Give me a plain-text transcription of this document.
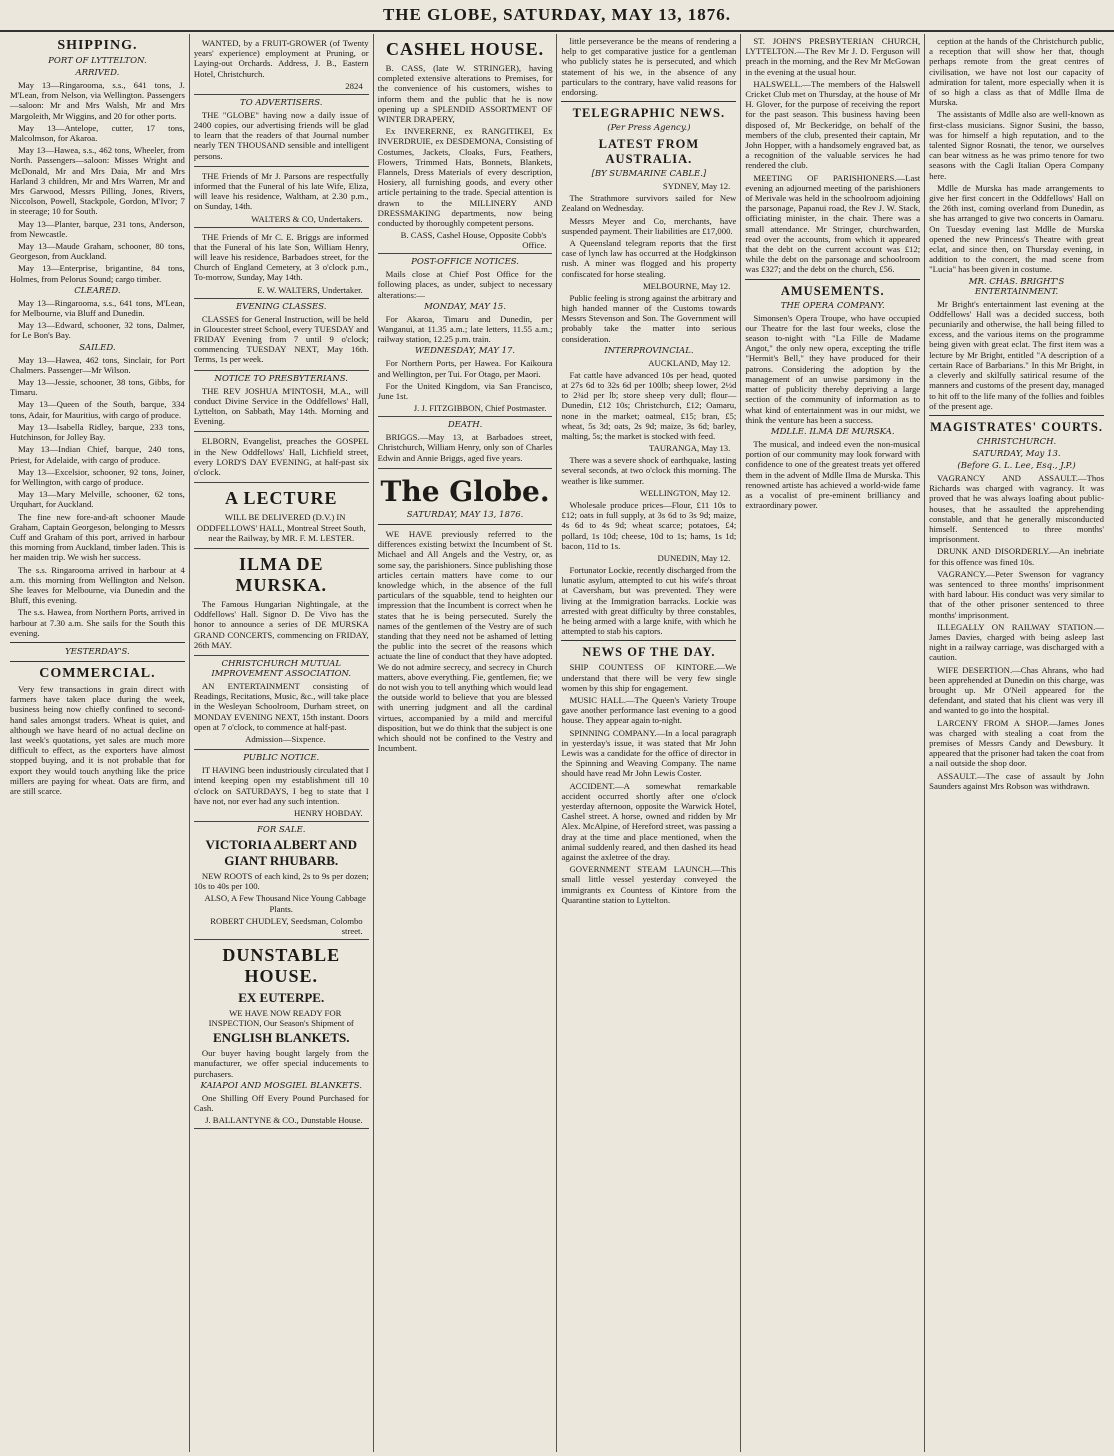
THE GLOBE, SATURDAY, MAY 13, 1876.
SHIPPING.
PORT OF LYTTELTON.
ARRIVED.

May 13—Ringarooma, s.s., 641 tons, J. M'Lean, from Nelson, via Wellington. Passengers—saloon: Mr and Mrs Walsh, Mr and Mrs Margoleith, Mr Wiggins, and 20 for other ports.

May 13—Antelope, cutter, 17 tons, Malcolmson, for Akaroa.

May 13—Hawea, s.s., 462 tons, Wheeler, from North. Passengers—saloon: Misses Wright and McDonald, Mr and Mrs Daia, Mr and Mrs Harland 3 children, Mr and Mrs Warren, Mr and Mrs Garwood, Messrs Pilling, Jones, Rivers, Niccolson, Powell, Stackpole, Gordon, M'Ivor; 7 in steerage; 10 for South.

May 13—Planter, barque, 231 tons, Anderson, from Newcastle.

May 13—Maude Graham, schooner, 80 tons, Georgeson, from Auckland.

May 13—Enterprise, brigantine, 84 tons, Holmes, from Pelorus Sound; cargo timber.

CLEARED.

May 13—Ringarooma, s.s., 641 tons, M'Lean, for Melbourne, via Bluff and Dunedin.

May 13—Edward, schooner, 32 tons, Dalmer, for Le Bon's Bay.

SAILED.

May 13—Hawea, 462 tons, Sinclair, for Port Chalmers. Passenger—Mr Wilson.

May 13—Jessie, schooner, 38 tons, Gibbs, for Timaru.

May 13—Queen of the South, barque, 334 tons, Adair, for Mauritius, with cargo of produce.

May 13—Isabella Ridley, barque, 233 tons, Hutchinson, for Jolley Bay.

May 13—Indian Chief, barque, 240 tons, Priest, for Adelaide, with cargo of produce.

May 13—Excelsior, schooner, 92 tons, Joiner, for Wellington, with cargo of produce.

May 13—Mary Melville, schooner, 62 tons, Urquhart, for Auckland.

The fine new fore-and-aft schooner Maude Graham, Captain Georgeson, belonging to Messrs Cuff and Graham of this port, arrived in harbour this morning from Auckland, timber laden. This is her maiden trip. We wish her success.

The s.s. Ringarooma arrived in harbour at 4 a.m. this morning from Wellington and Nelson. She leaves for Melbourne, via Dunedin and the Bluff, this evening.

The s.s. Hawea, from Northern Ports, arrived in harbour at 7.30 a.m. She sails for the South this evening.

YESTERDAY'S.
COMMERCIAL.

Very few transactions in grain direct with farmers have taken place during the week, business being now chiefly confined to second-hand sales amongst traders. Wheat is quiet, and although we have heard of no actual decline on last week's quotations, yet sales are much more difficult to effect, as the exporters have almost stopped buying, and it is not probable that for export they would touch anything like the price millers are paying for wheat. Oats are firm, and are still scarce.

WANTED, by a FRUIT-GROWER (of Twenty years' experience) employment at Pruning, or Laying-out Orchards. Address, J. B., Eastern Hotel, Christchurch.

2824
TO ADVERTISERS.

THE "GLOBE" having now a daily issue of 2400 copies, our advertising friends will be glad to learn that the readers of that Journal number nearly TEN THOUSAND sensible and intelligent persons.

THE Friends of Mr J. Parsons are respectfully informed that the Funeral of his late Wife, Eliza, will leave his residence, Waltham, at 2.30 p.m., on Sunday, 14th.

WALTERS & CO, Undertakers.

THE Friends of Mr C. E. Briggs are informed that the Funeral of his late Son, William Henry, will leave his residence, Barbadoes street, for the Church of England Cemetery, at 3 o'clock p.m., To-morrow, Sunday, May 14th.

E. W. WALTERS, Undertaker.
EVENING CLASSES.

CLASSES for General Instruction, will be held in Gloucester street School, every TUESDAY and FRIDAY Evening from 7 until 9 o'clock; commencing TUESDAY NEXT, May 16th. Terms, 1s per week.

NOTICE TO PRESBYTERIANS.

THE REV JOSHUA M'INTOSH, M.A., will conduct Divine Service in the Oddfellows' Hall, Lyttelton, on Sabbath, May 14th. Morning and Evening.

ELBORN, Evangelist, preaches the GOSPEL in the New Oddfellows' Hall, Lichfield street, every LORD'S DAY EVENING, at half-past six o'clock.

A LECTURE

WILL BE DELIVERED (D.V.) IN ODDFELLOWS' HALL, Montreal Street South, near the Railway, by MR. F. M. LESTER.

ILMA DE MURSKA.

The Famous Hungarian Nightingale, at the Oddfellows' Hall. Signor D. De Vivo has the honor to announce a series of DE MURSKA GRAND CONCERTS, commencing on FRIDAY, 26th MAY.

CHRISTCHURCH MUTUAL IMPROVEMENT ASSOCIATION.

AN ENTERTAINMENT consisting of Readings, Recitations, Music, &c., will take place in the Wesleyan Schoolroom, Durham street, on MONDAY EVENING NEXT, 15th instant. Doors open at 7 o'clock, to commence at half-past.

Admission—Sixpence.
PUBLIC NOTICE.

IT HAVING been industriously circulated that I intend keeping open my establishment till 10 o'clock on SATURDAYS, I beg to state that I have not, nor ever had any such intention.

HENRY HOBDAY.
FOR SALE.
VICTORIA ALBERT AND GIANT RHUBARB.

NEW ROOTS of each kind, 2s to 9s per dozen; 10s to 40s per 100.

ALSO, A Few Thousand Nice Young Cabbage Plants.

ROBERT CHUDLEY, Seedsman, Colombo street.
DUNSTABLE HOUSE.
EX EUTERPE.

WE HAVE NOW READY FOR INSPECTION, Our Season's Shipment of

ENGLISH BLANKETS.

Our buyer having bought largely from the manufacturer, we offer special inducements to purchasers.

KAIAPOI AND MOSGIEL BLANKETS.

One Shilling Off Every Pound Purchased for Cash.

J. BALLANTYNE & CO., Dunstable House.
CASHEL HOUSE.

B. CASS, (late W. STRINGER), having completed extensive alterations to Premises, for the convenience of his customers, wishes to inform them and the public that he is now opening up a SPLENDID ASSORTMENT OF WINTER DRAPERY,

Ex INVERERNE, ex RANGITIKEI, Ex INVERDRUIE, ex DESDEMONA, Consisting of Costumes, Jackets, Cloaks, Furs, Feathers, Flowers, Trimmed Hats, Bonnets, Blankets, Flannels, Dress Materials of every description, Hosiery, all furnishing goods, and every other article pertaining to the trade. Special attention is drawn to the MILLINERY AND DRESSMAKING departments, now being conducted by thoroughly competent persons.

B. CASS, Cashel House, Opposite Cobb's Office.
POST-OFFICE NOTICES.

Mails close at Chief Post Office for the following places, as under, subject to necessary alterations:—

MONDAY, MAY 15.

For Akaroa, Timaru and Dunedin, per Wanganui, at 11.35 a.m.; late letters, 11.55 a.m.; railway station, 12.25 p.m. train.

WEDNESDAY, MAY 17.

For Northern Ports, per Hawea. For Kaikoura and Wellington, per Tui. For Otago, per Maori.

For the United Kingdom, via San Francisco, June 1st.

J. J. FITZGIBBON, Chief Postmaster.
DEATH.

BRIGGS.—May 13, at Barbadoes street, Christchurch, William Henry, only son of Charles Edwin and Annie Briggs, aged five years.

The Globe.
SATURDAY, MAY 13, 1876.

WE HAVE previously referred to the differences existing betwixt the Incumbent of St. Michael and All Angels and the Vestry, or, as some say, the parishioners. Since publishing those articles certain matters have come to our knowledge which, in the absence of the full particulars of the squabble, tend to heighten our impression that the Incumbent is correct when he states that he is being persecuted. Surely the names of the gentlemen of the Vestry are of such standing that they need not be ashamed of letting the public into the secret of the reasons which actuate the line of conduct that they have adopted. We do not admire secrecy, and secrecy in Church matters, above everything. Fie, gentlemen, fie; we do not wish you to tell anything which would lead the outside world to believe that you are blessed with unerring judgment and all the cardinal virtues, accompanied by a mild and merciful disposition, but we do think that the subject is one which should not be confined to the Vestry and Incumbent.

little perseverance be the means of rendering a help to get comparative justice for a gentleman who publicly states he is persecuted, and which statement of his we, in the absence of any particulars to the contrary, have valid reasons for endorsing.

TELEGRAPHIC NEWS.
(Per Press Agency.)
LATEST FROM AUSTRALIA.
[BY SUBMARINE CABLE.]
SYDNEY, May 12.

The Strathmore survivors sailed for New Zealand on Wednesday.

Messrs Meyer and Co, merchants, have suspended payment. Their liabilities are £17,000.

A Queensland telegram reports that the first case of lynch law has occurred at the Hodgkinson rush. A miner was flogged and his property confiscated for horse stealing.

MELBOURNE, May 12.

Public feeling is strong against the arbitrary and high handed manner of the Customs towards Messrs Stevenson and Son. The Government will probably take the matter into serious consideration.

INTERPROVINCIAL.
AUCKLAND, May 12.

Fat cattle have advanced 10s per head, quoted at 27s 6d to 32s 6d per 100lb; sheep lower, 2½d to 2¾d per lb; store sheep very dull; flour—Dunedin, £12 10s; Christchurch, £12; Oamaru, none in the market; oatmeal, £15; bran, £5; wheat, 5s 3d; oats, 2s 9d; maize, 3s 6d; barley, malting, 5s; the market is stocked with feed.

TAURANGA, May 13.

There was a severe shock of earthquake, lasting several seconds, at two o'clock this morning. The weather is like summer.

WELLINGTON, May 12.

Wholesale produce prices—Flour, £11 10s to £12; oats in full supply, at 3s 6d to 3s 9d; maize, 4s 6d to 4s 9d; wheat scarce; potatoes, £4; pollard, 1s 10d; cheese, 10d to 1s; hams, 1s 1d; bacon, 11d to 1s.

DUNEDIN, May 12.

Fortunator Lockie, recently discharged from the lunatic asylum, attempted to cut his wife's throat at Caversham, but was prevented. They were living at the Immigration barracks. Lockie was arrested with great difficulty by three constables, he being armed with a large knife, with which he attempted to stab his captors.

NEWS OF THE DAY.

SHIP COUNTESS OF KINTORE.—We understand that there will be very few single women by this ship for engagement.

MUSIC HALL.—The Queen's Variety Troupe gave another performance last evening to a good house. They appear again to-night.

SPINNING COMPANY.—In a local paragraph in yesterday's issue, it was stated that Mr John Lewis was a candidate for the office of director in the Spinning and Weaving Company. The name should have read Mr John Lewis Coster.

ACCIDENT.—A somewhat remarkable accident occurred shortly after one o'clock yesterday afternoon, opposite the Warwick Hotel, Cashel street. A horse, owned and ridden by Mr Alex. McAlpine, of Hereford street, was passing a dray at the time and place mentioned, when the animal suddenly reared, and then dashed its head against the axletree of the dray.

GOVERNMENT STEAM LAUNCH.—This small little vessel yesterday conveyed the immigrants ex Countess of Kintore from the Quarantine station to Lyttelton.

ST. JOHN'S PRESBYTERIAN CHURCH, LYTTELTON.—The Rev Mr J. D. Ferguson will preach in the morning, and the Rev Mr McGowan in the evening at the usual hour.

HALSWELL.—The members of the Halswell Cricket Club met on Thursday, at the house of Mr H. Glover, for the purpose of receiving the report for the past season. This business having been disposed of, Mr Beckeridge, on behalf of the members of the club, presented their captain, Mr John Hopper, with a handsomely engraved bat, as a recognition of the valuable services he had rendered the club.

MEETING OF PARISHIONERS.—Last evening an adjourned meeting of the parishioners of Merivale was held in the schoolroom adjoining the parsonage, Papanui road, the Rev J. W. Stack, officiating minister, in the chair. There was a small attendance. Mr Stringer, churchwarden, read over the accounts, from which it appeared that the debt on the current account was £12; while the debt on the parsonage and schoolroom was £327; and the debt on the church, £56.

AMUSEMENTS.
THE OPERA COMPANY.

Simonsen's Opera Troupe, who have occupied our Theatre for the last four weeks, close the season to-night with "La Fille de Madame Angot," the only new opera, excepting the trifle "Hermit's Bell," they have produced for their patrons. Considering the adoption by the management of an unwise parsimony in the matter of publicity thereby depriving a large section of the community of information as to what kind of entertainment was in our midst, we think the venture has been a success.

MDLLE. ILMA DE MURSKA.

The musical, and indeed even the non-musical portion of our community may look forward with confidence to one of the greatest treats yet offered them in the advent of Mdlle Ilma de Murska. This renowned artiste has achieved a world-wide fame as a vocalist of pre-eminent brilliancy and extraordinary power.

ception at the hands of the Christchurch public, a reception that will show her that, though perhaps remote from the great centres of civilisation, we have not lost our capacity of admiration for talent, more especially when it is of so high a class as that of Mdlle Ilma de Murska.

The assistants of Mdlle also are well-known as first-class musicians. Signor Susini, the basso, was for himself a high reputation, and to the talented Signor Rosnati, the tenor, we ourselves can bear witness as he was primo tenore for two seasons with the Cagli Italian Opera Company here.

Mdlle de Murska has made arrangements to give her first concert in the Oddfellows' Hall on the 26th inst, coming overland from Dunedin, as she has arranged to give two concerts in Oamaru. On Tuesday evening last Mdlle de Murska opened the new Princess's Theatre with great eclat, and since then, on Thursday evening, in addition to the concert, the mad scene from "Lucia" has been given in costume.

MR. CHAS. BRIGHT'S ENTERTAINMENT.

Mr Bright's entertainment last evening at the Oddfellows' Hall was a decided success, both pecuniarily and otherwise, the hall being filled to excess, and the various items on the programme being given with great eclat. The first item was a lecture by Mr Bright, entitled "A description of a certain Race of Barbarians." In this Mr Bright, in a cleverly and skilfully satirical resume of the manners and customs of the present day, managed to hit off to the life many of the follies and foibles of the present age.

MAGISTRATES' COURTS.
CHRISTCHURCH.
SATURDAY, May 13.
(Before G. L. Lee, Esq., J.P.)

VAGRANCY AND ASSAULT.—Thos Richards was charged with vagrancy. It was proved that he was always loafing about public-houses, that he assaulted the apprehending constable, and that he generally misconducted himself. Sentenced to three months' imprisonment.

DRUNK AND DISORDERLY.—An inebriate for this offence was fined 10s.

VAGRANCY.—Peter Swenson for vagrancy was sentenced to three months' imprisonment with hard labour. His conduct was very similar to that of the other prisoner sentenced to three months' imprisonment.

ILLEGALLY ON RAILWAY STATION.—James Davies, charged with being asleep last night in a railway carriage, was discharged with a caution.

WIFE DESERTION.—Chas Ahrans, who had been apprehended at Dunedin on this charge, was brought up. Mr O'Neil appeared for the defendant, and stated that his client was very ill and wanted to go into the hospital.

LARCENY FROM A SHOP.—James Jones was charged with stealing a coat from the premises of Messrs Candy and Dewsbury. It appeared that the prisoner had taken the coat from a nail outside the shop door.

ASSAULT.—The case of assault by John Saunders against Mrs Robson was withdrawn.
